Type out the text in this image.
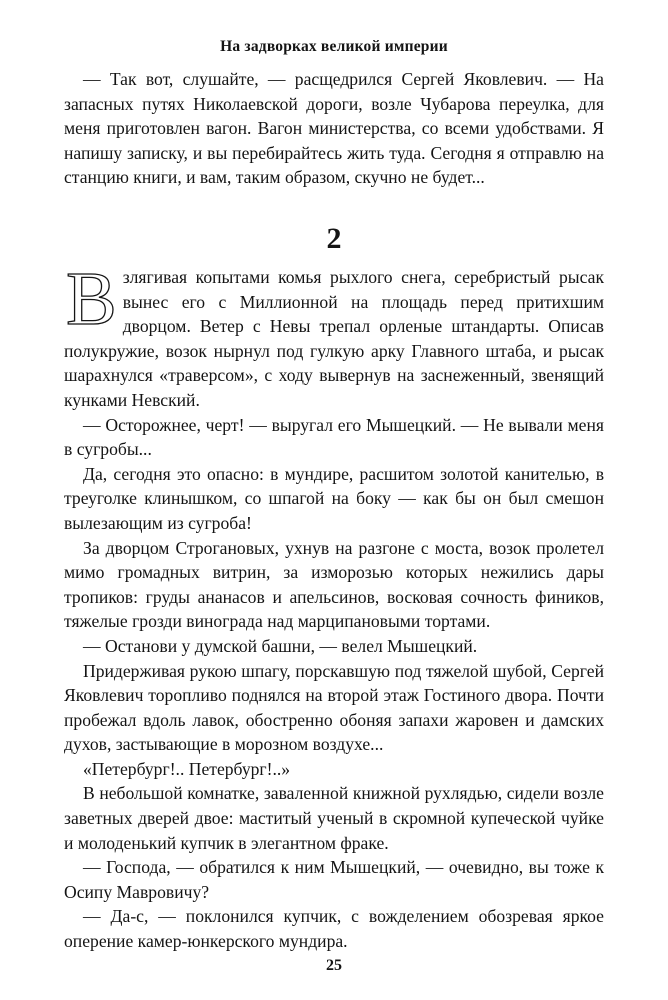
На задворках великой империи

— Так вот, слушайте, — расщедрился Сергей Яковлевич. — На запасных путях Николаевской дороги, возле Чубарова переулка, для меня приготовлен вагон. Вагон министерства, со всеми удобствами. Я напишу записку, и вы перебирайтесь жить туда. Сегодня я отправлю на станцию книги, и вам, таким образом, скучно не будет...

2

Взлягивая копытами комья рыхлого снега, серебристый рысак вынес его с Миллионной на площадь перед притихшим дворцом. Ветер с Невы трепал орленые штандарты. Описав полукружие, возок нырнул под гулкую арку Главного штаба, и рысак шарахнулся «траверсом», с ходу вывернув на заснеженный, звенящий кунками Невский.

— Осторожнее, черт! — выругал его Мышецкий. — Не вывали меня в сугробы...

Да, сегодня это опасно: в мундире, расшитом золотой канителью, в треуголке клинышком, со шпагой на боку — как бы он был смешон вылезающим из сугроба!

За дворцом Строгановых, ухнув на разгоне с моста, возок пролетел мимо громадных витрин, за изморозью которых нежились дары тропиков: груды ананасов и апельсинов, восковая сочность фиников, тяжелые грозди винограда над марципановыми тортами.

— Останови у думской башни, — велел Мышецкий.

Придерживая рукою шпагу, порскавшую под тяжелой шубой, Сергей Яковлевич торопливо поднялся на второй этаж Гостиного двора. Почти пробежал вдоль лавок, обостренно обоняя запахи жаровен и дамских духов, застывающие в морозном воздухе...

«Петербург!.. Петербург!..»

В небольшой комнатке, заваленной книжной рухлядью, сидели возле заветных дверей двое: маститый ученый в скромной купеческой чуйке и молоденький купчик в элегантном фраке.

— Господа, — обратился к ним Мышецкий, — очевидно, вы тоже к Осипу Мавровичу?

— Да-с, — поклонился купчик, с вожделением обозревая яркое оперение камер-юнкерского мундира.

25
